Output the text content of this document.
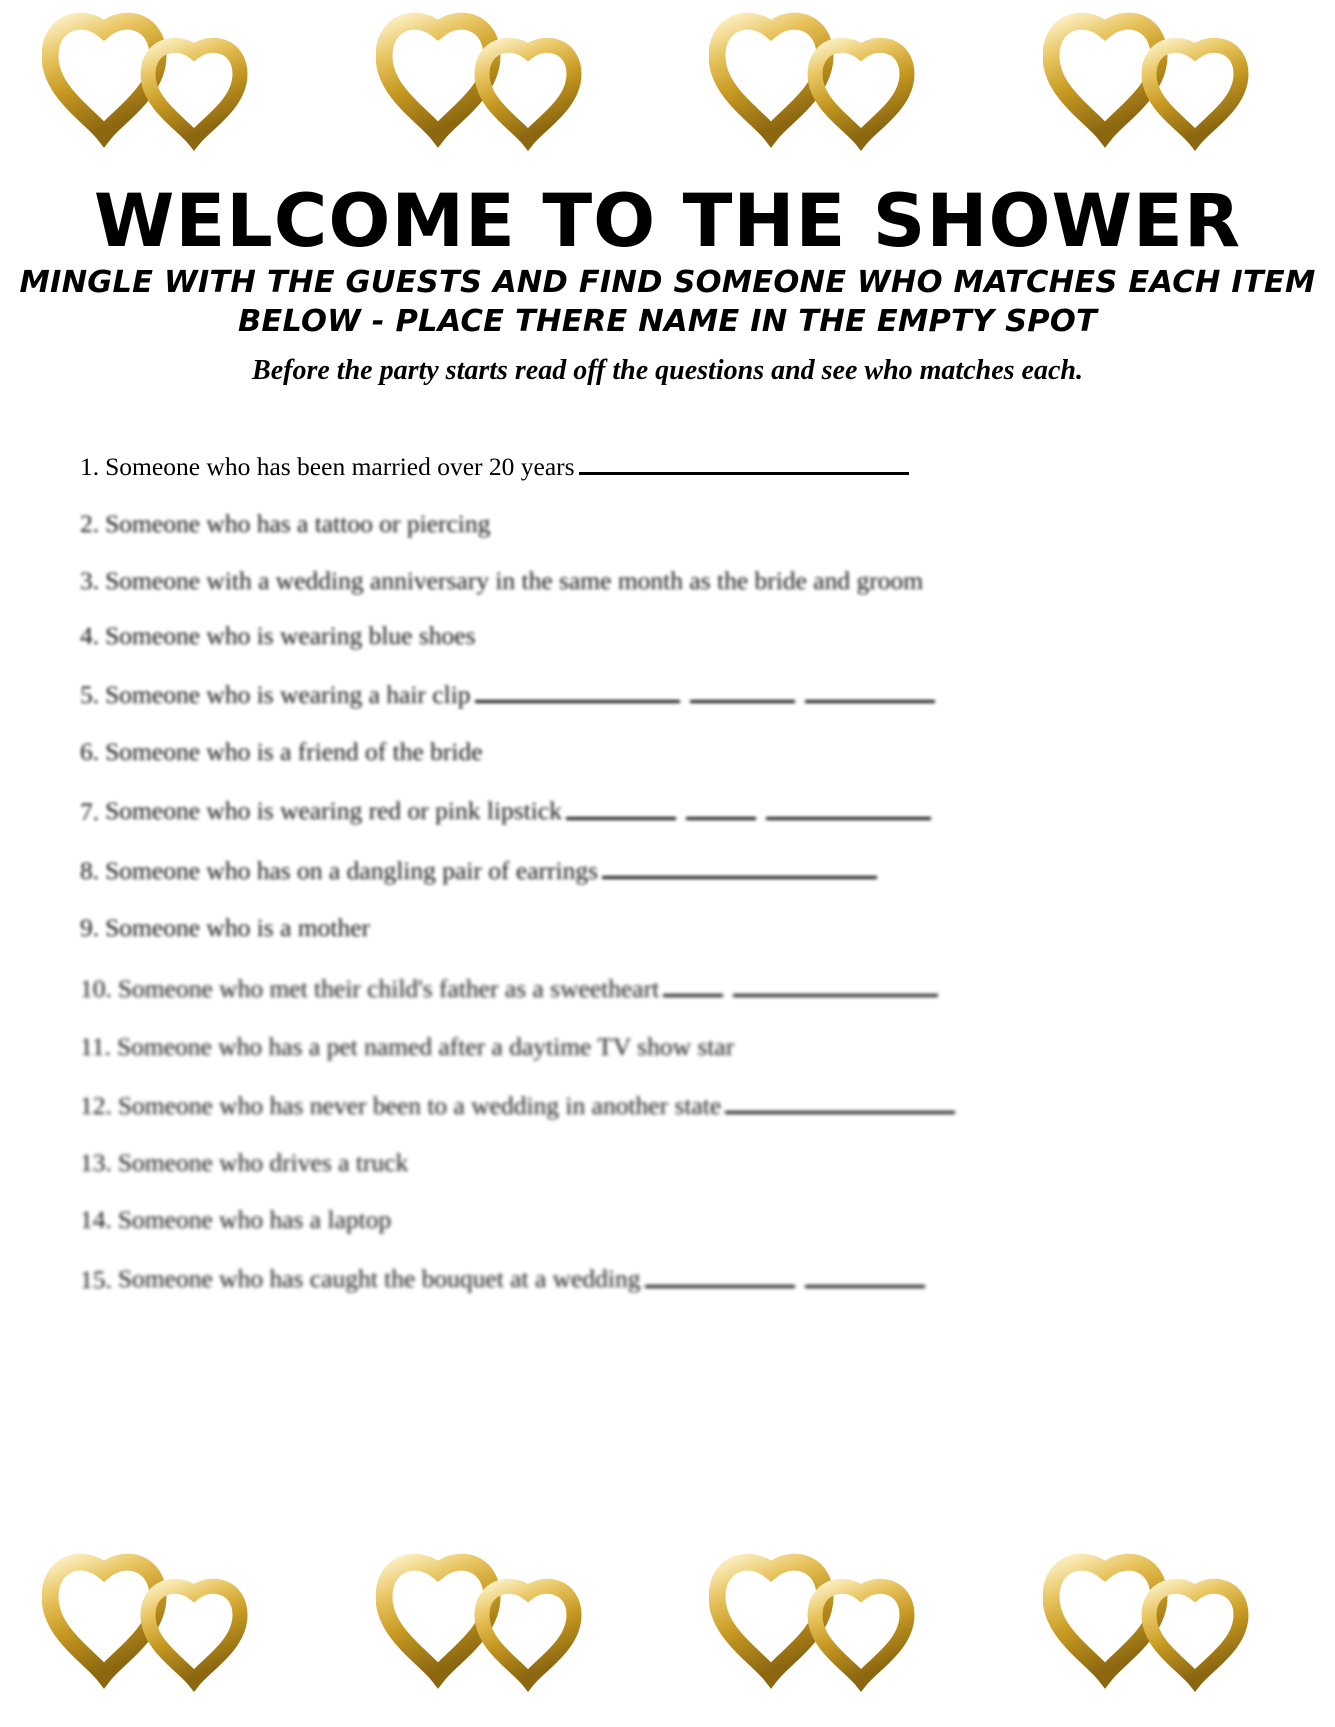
WELCOME TO THE SHOWER

MINGLE WITH THE GUESTS AND FIND SOMEONE WHO MATCHES EACH ITEM

BELOW - PLACE THERE NAME IN THE EMPTY SPOT

Before the party starts read off the questions and see who matches each.

1. Someone who has been married over 20 years
2. Someone who has a tattoo or piercing
3. Someone with a wedding anniversary in the same month as the bride and groom
4. Someone who is wearing blue shoes
5. Someone who is wearing a hair clip
6. Someone who is a friend of the bride
7. Someone who is wearing red or pink lipstick
8. Someone who has on a dangling pair of earrings
9. Someone who is a mother
10. Someone who met their child's father as a sweetheart
11. Someone who has a pet named after a daytime TV show star
12. Someone who has never been to a wedding in another state
13. Someone who drives a truck
14. Someone who has a laptop
15. Someone who has caught the bouquet at a wedding
